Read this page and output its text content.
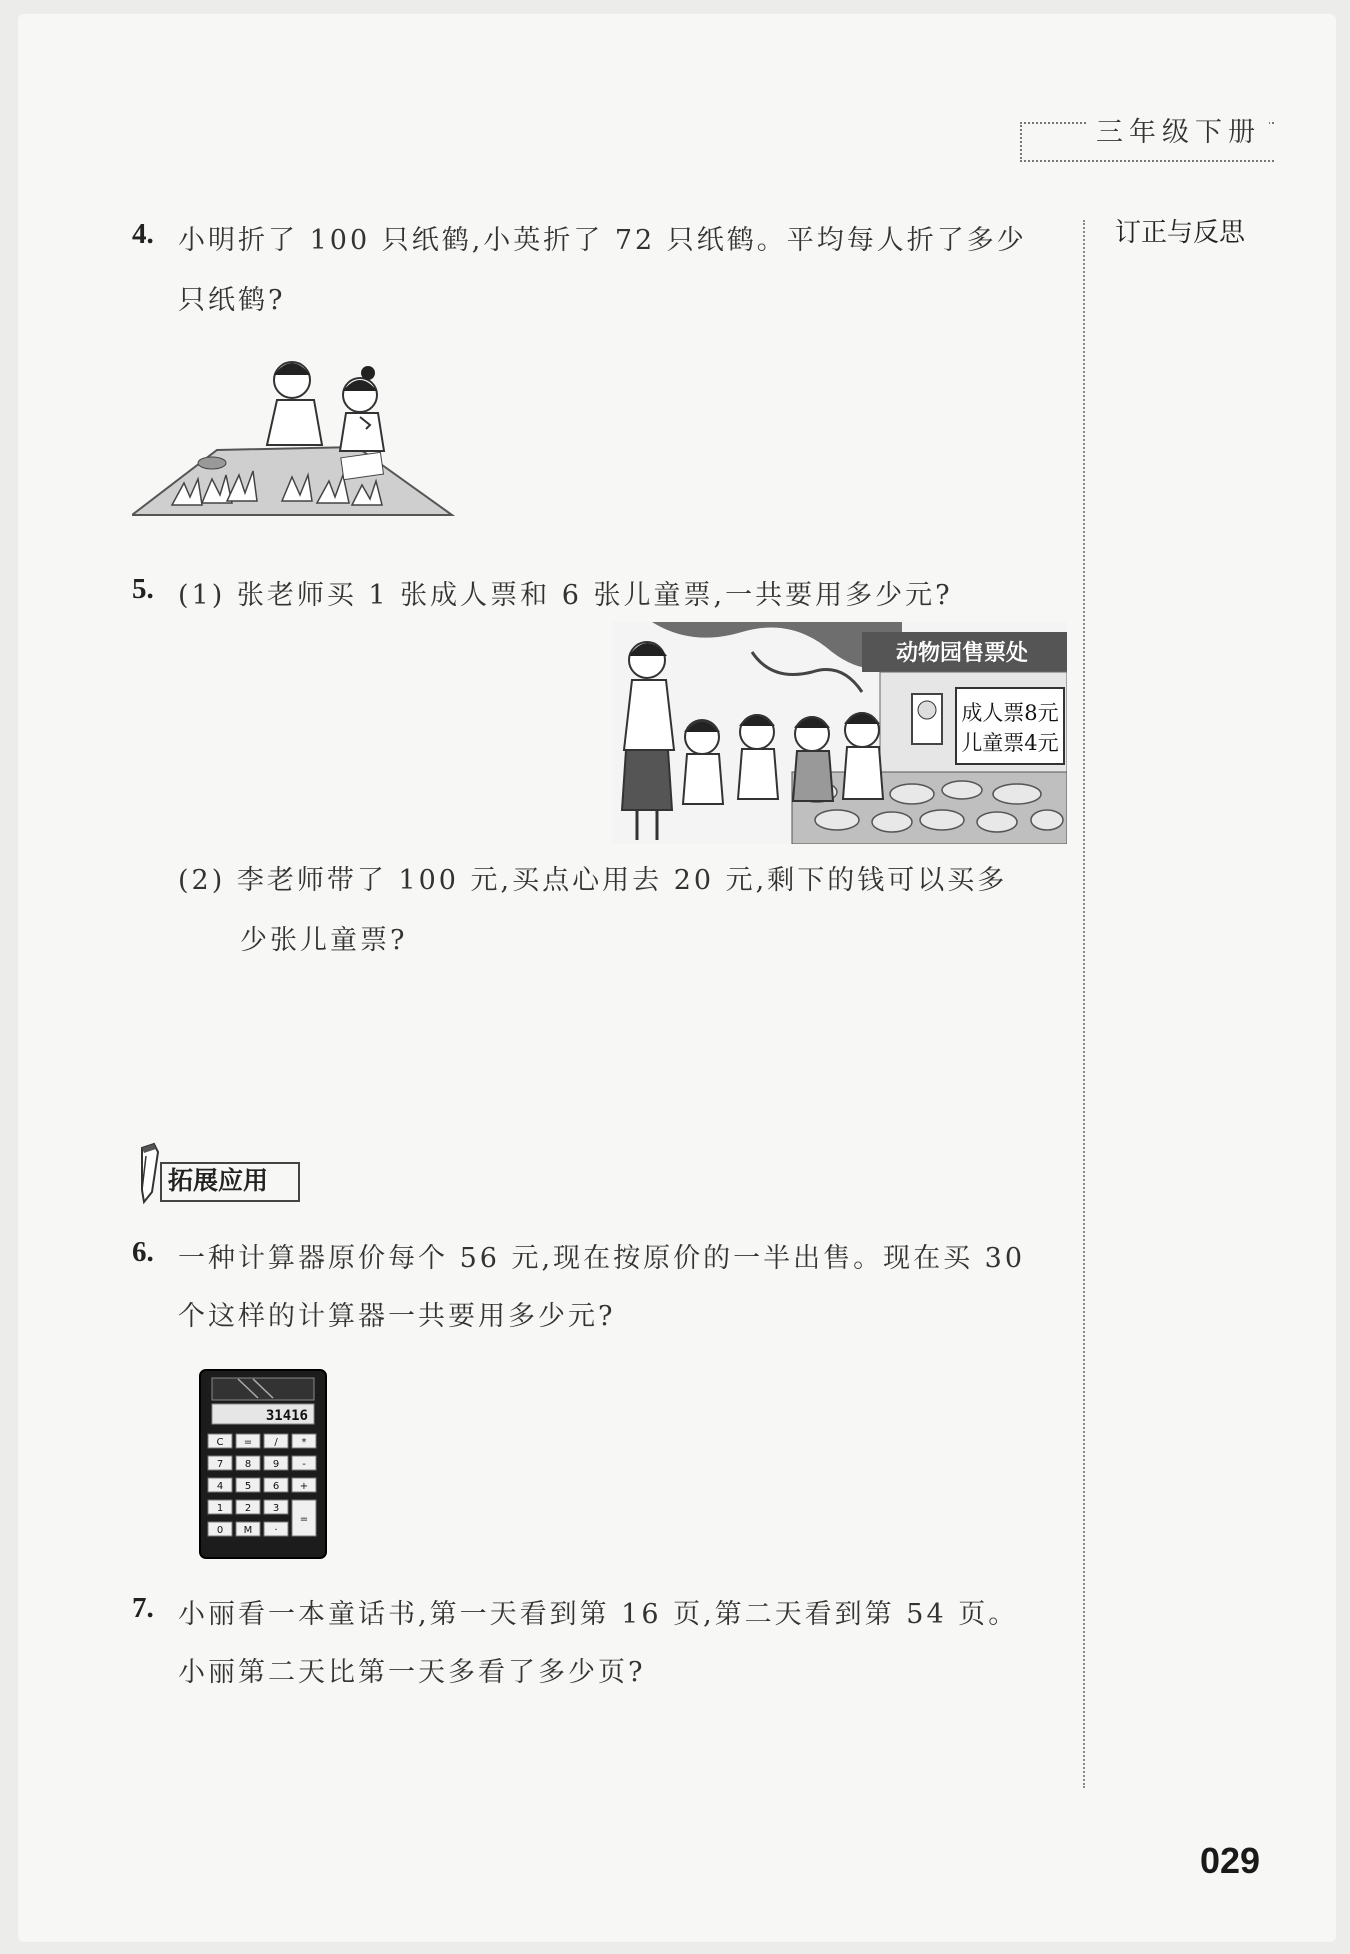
三年级下册
订正与反思
4. 小明折了 100 只纸鹤,小英折了 72 只纸鹤。平均每人折了多少
只纸鹤?
5. (1) 张老师买 1 张成人票和 6 张儿童票,一共要用多少元?
动物园售票处
成人票8元
儿童票4元
(2) 李老师带了 100 元,买点心用去 20 元,剩下的钱可以买多
少张儿童票?
拓展应用
6. 一种计算器原价每个 56 元,现在按原价的一半出售。现在买 30
个这样的计算器一共要用多少元?
31416
C = / *
7 8 9 -
4 5 6 +
1 2 3
0 M ·
=
7. 小丽看一本童话书,第一天看到第 16 页,第二天看到第 54 页。
小丽第二天比第一天多看了多少页?
029
